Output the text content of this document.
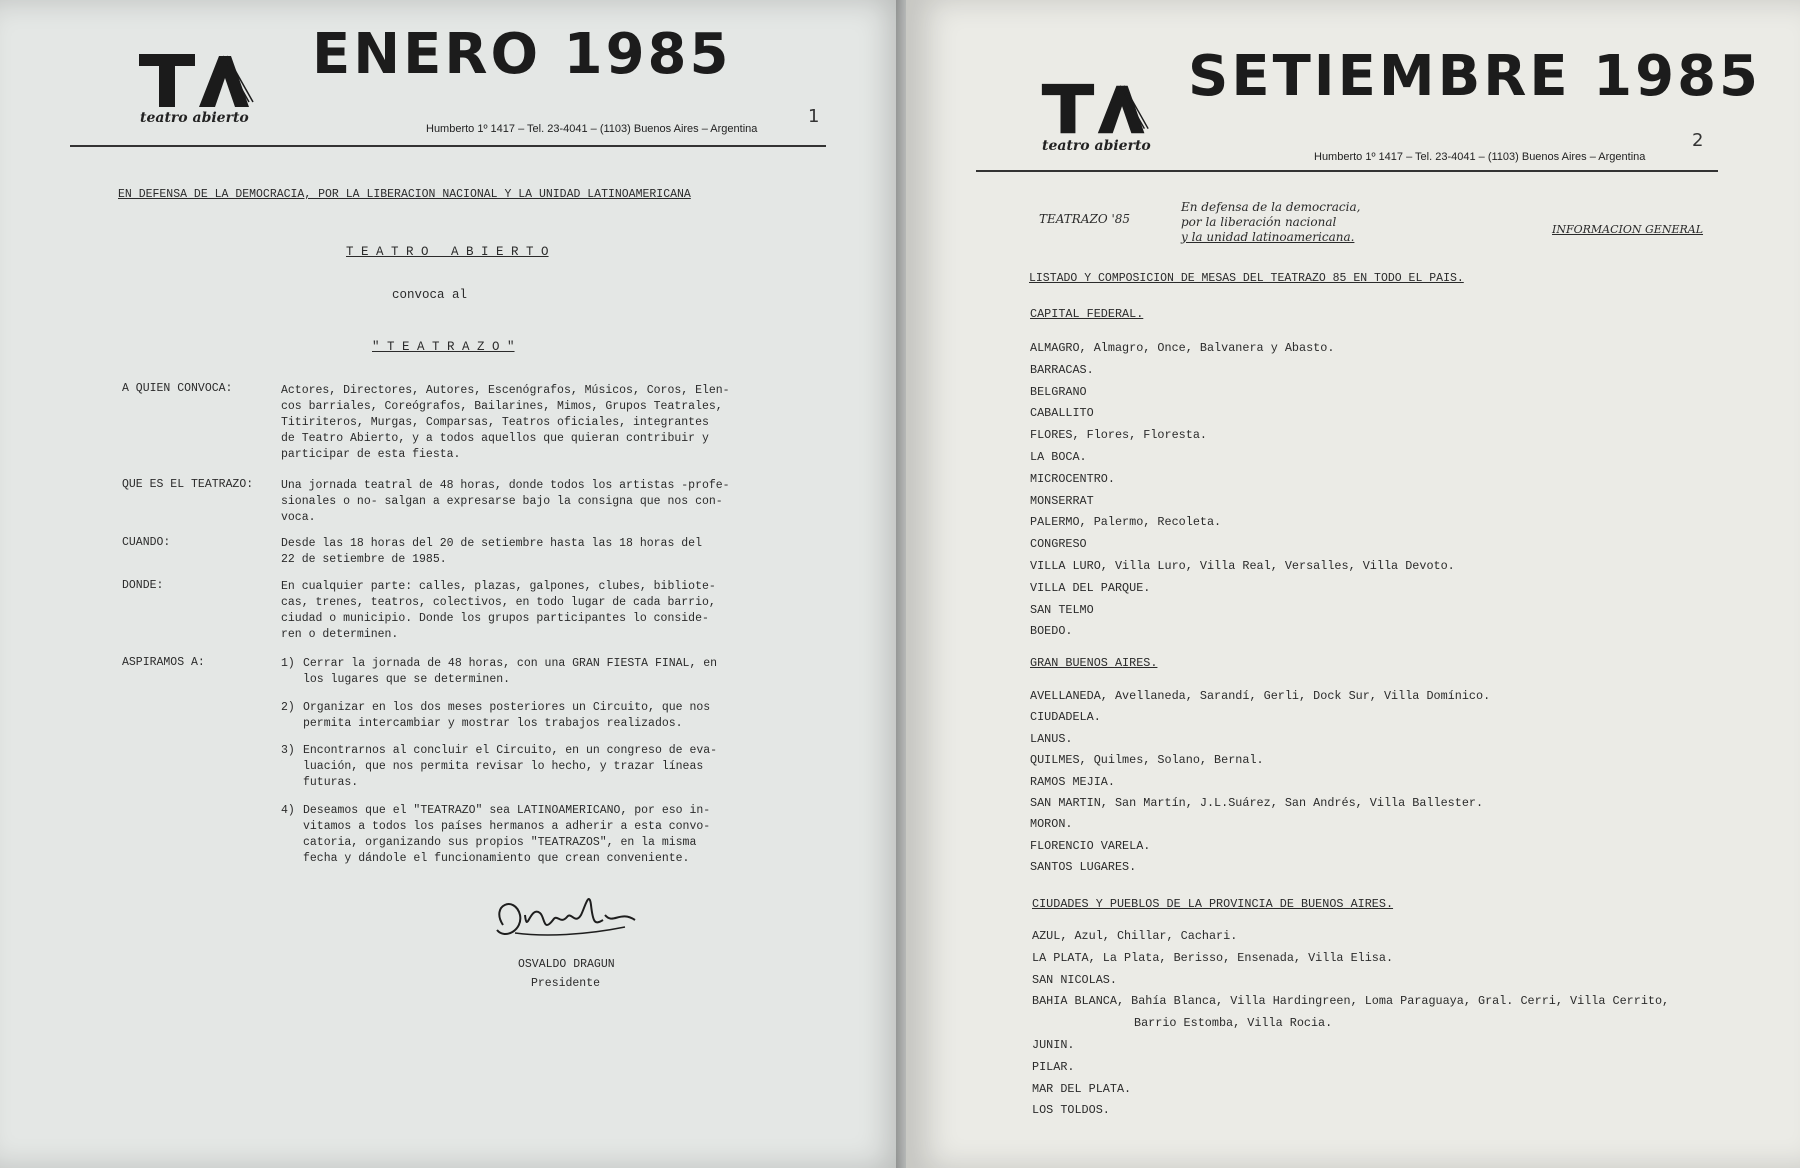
ENERO 1985
teatro abierto
Humberto 1º 1417 – Tel. 23-4041 – (1103) Buenos Aires – Argentina
1
EN DEFENSA DE LA DEMOCRACIA, POR LA LIBERACION NACIONAL Y LA UNIDAD LATINOAMERICANA
T E A T R O   A B I E R T O
convoca al
" T E A T R A Z O "
A QUIEN CONVOCA:	Actores, Directores, Autores, Escenógrafos, Músicos, Coros, Elen-
cos barriales, Coreógrafos, Bailarines, Mimos, Grupos Teatrales,
Titiriteros, Murgas, Comparsas, Teatros oficiales, integrantes
de Teatro Abierto, y a todos aquellos que quieran contribuir y
participar de esta fiesta.
QUE ES EL TEATRAZO: Una jornada teatral de 48 horas, donde todos los artistas -profe-
sionales o no- salgan a expresarse bajo la consigna que nos con-
voca.
CUANDO:	Desde las 18 horas del 20 de setiembre hasta las 18 horas del
22 de setiembre de 1985.
DONDE:	En cualquier parte: calles, plazas, galpones, clubes, bibliote-
cas, trenes, teatros, colectivos, en todo lugar de cada barrio,
ciudad o municipio. Donde los grupos participantes lo conside-
ren o determinen.
ASPIRAMOS A:	1) Cerrar la jornada de 48 horas, con una GRAN FIESTA FINAL, en
los lugares que se determinen.
2) Organizar en los dos meses posteriores un Circuito, que nos
permita intercambiar y mostrar los trabajos realizados.
3) Encontrarnos al concluir el Circuito, en un congreso de eva-
luación, que nos permita revisar lo hecho, y trazar líneas
futuras.
4) Deseamos que el "TEATRAZO" sea LATINOAMERICANO, por eso in-
vitamos a todos los países hermanos a adherir a esta convo-
catoria, organizando sus propios "TEATRAZOS", en la misma
fecha y dándole el funcionamiento que crean conveniente.
OSVALDO DRAGUN
Presidente
SETIEMBRE 1985
teatro abierto
Humberto 1º 1417 – Tel. 23-4041 – (1103) Buenos Aires – Argentina
2
TEATRAZO '85
En defensa de la democracia,
por la liberación nacional
y la unidad latinoamericana.
INFORMACION GENERAL
LISTADO Y COMPOSICION DE MESAS DEL TEATRAZO 85 EN TODO EL PAIS.
CAPITAL FEDERAL.
ALMAGRO, Almagro, Once, Balvanera y Abasto.
BARRACAS.
BELGRANO
CABALLITO
FLORES, Flores, Floresta.
LA BOCA.
MICROCENTRO.
MONSERRAT
PALERMO, Palermo, Recoleta.
CONGRESO
VILLA LURO, Villa Luro, Villa Real, Versalles, Villa Devoto.
VILLA DEL PARQUE.
SAN TELMO
BOEDO.
GRAN BUENOS AIRES.
AVELLANEDA, Avellaneda, Sarandí, Gerli, Dock Sur, Villa Domínico.
CIUDADELA.
LANUS.
QUILMES, Quilmes, Solano, Bernal.
RAMOS MEJIA.
SAN MARTIN, San Martín, J.L.Suárez, San Andrés, Villa Ballester.
MORON.
FLORENCIO VARELA.
SANTOS LUGARES.
CIUDADES Y PUEBLOS DE LA PROVINCIA DE BUENOS AIRES.
AZUL, Azul, Chillar, Cachari.
LA PLATA, La Plata, Berisso, Ensenada, Villa Elisa.
SAN NICOLAS.
BAHIA BLANCA, Bahía Blanca, Villa Hardingreen, Loma Paraguaya, Gral. Cerri, Villa Cerrito,
Barrio Estomba, Villa Rocia.
JUNIN.
PILAR.
MAR DEL PLATA.
LOS TOLDOS.
